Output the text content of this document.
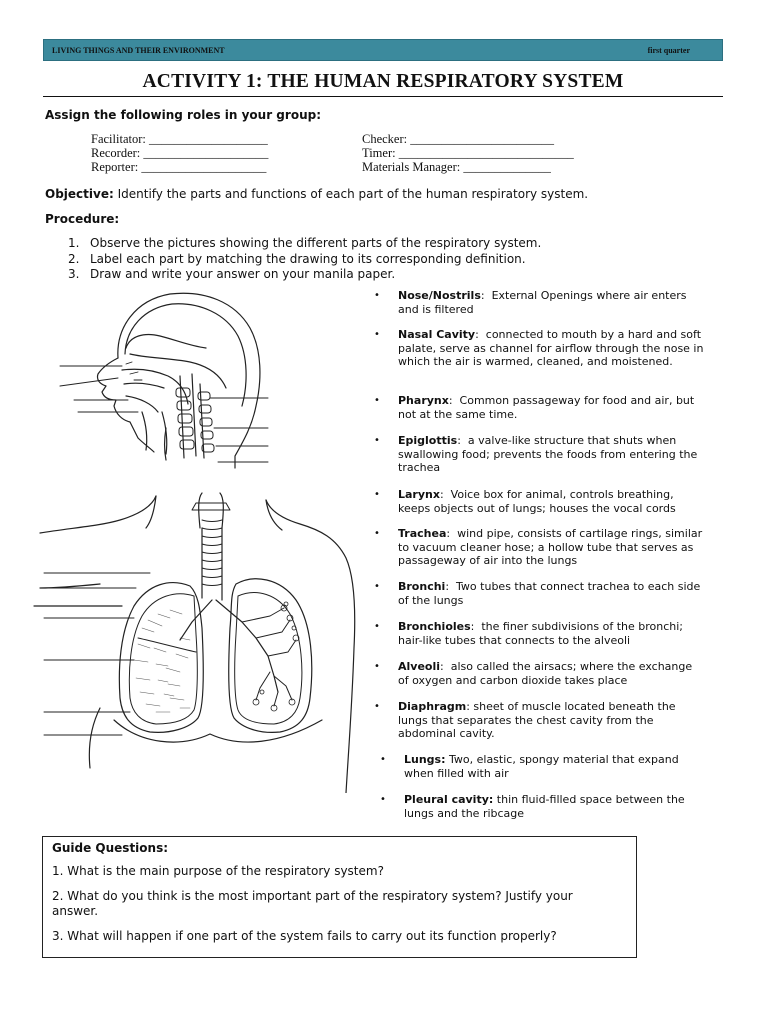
LIVING THINGS AND THEIR ENVIRONMENT	first quarter
ACTIVITY 1: THE HUMAN RESPIRATORY SYSTEM
Assign the following roles in your group:
Facilitator: ___________________
Recorder: ____________________
Reporter: ____________________
Checker: _______________________
Timer: ____________________________
Materials Manager: ______________
Objective: Identify the parts and functions of each part of the human respiratory system.
Procedure:
1. Observe the pictures showing the different parts of the respiratory system.
2. Label each part by matching the drawing to its corresponding definition.
3. Draw and write your answer on your manila paper.
• Nose/Nostrils:  External Openings where air enters and is filtered
• Nasal Cavity:  connected to mouth by a hard and soft palate, serve as channel for airflow through the nose in which the air is warmed, cleaned, and moistened.
• Pharynx:  Common passageway for food and air, but not at the same time.
• Epiglottis:  a valve-like structure that shuts when swallowing food; prevents the foods from entering the trachea
• Larynx:  Voice box for animal, controls breathing, keeps objects out of lungs; houses the vocal cords
• Trachea:  wind pipe, consists of cartilage rings, similar to vacuum cleaner hose; a hollow tube that serves as passageway of air into the lungs
• Bronchi:  Two tubes that connect trachea to each side of the lungs
• Bronchioles:  the finer subdivisions of the bronchi; hair-like tubes that connects to the alveoli
• Alveoli:  also called the airsacs; where the exchange of oxygen and carbon dioxide takes place
• Diaphragm: sheet of muscle located beneath the lungs that separates the chest cavity from the abdominal cavity.
• Lungs: Two, elastic, spongy material that expand when filled with air
• Pleural cavity: thin fluid-filled space between the lungs and the ribcage
Guide Questions:
1. What is the main purpose of the respiratory system?
2. What do you think is the most important part of the respiratory system? Justify your answer.
3. What will happen if one part of the system fails to carry out its function properly?
